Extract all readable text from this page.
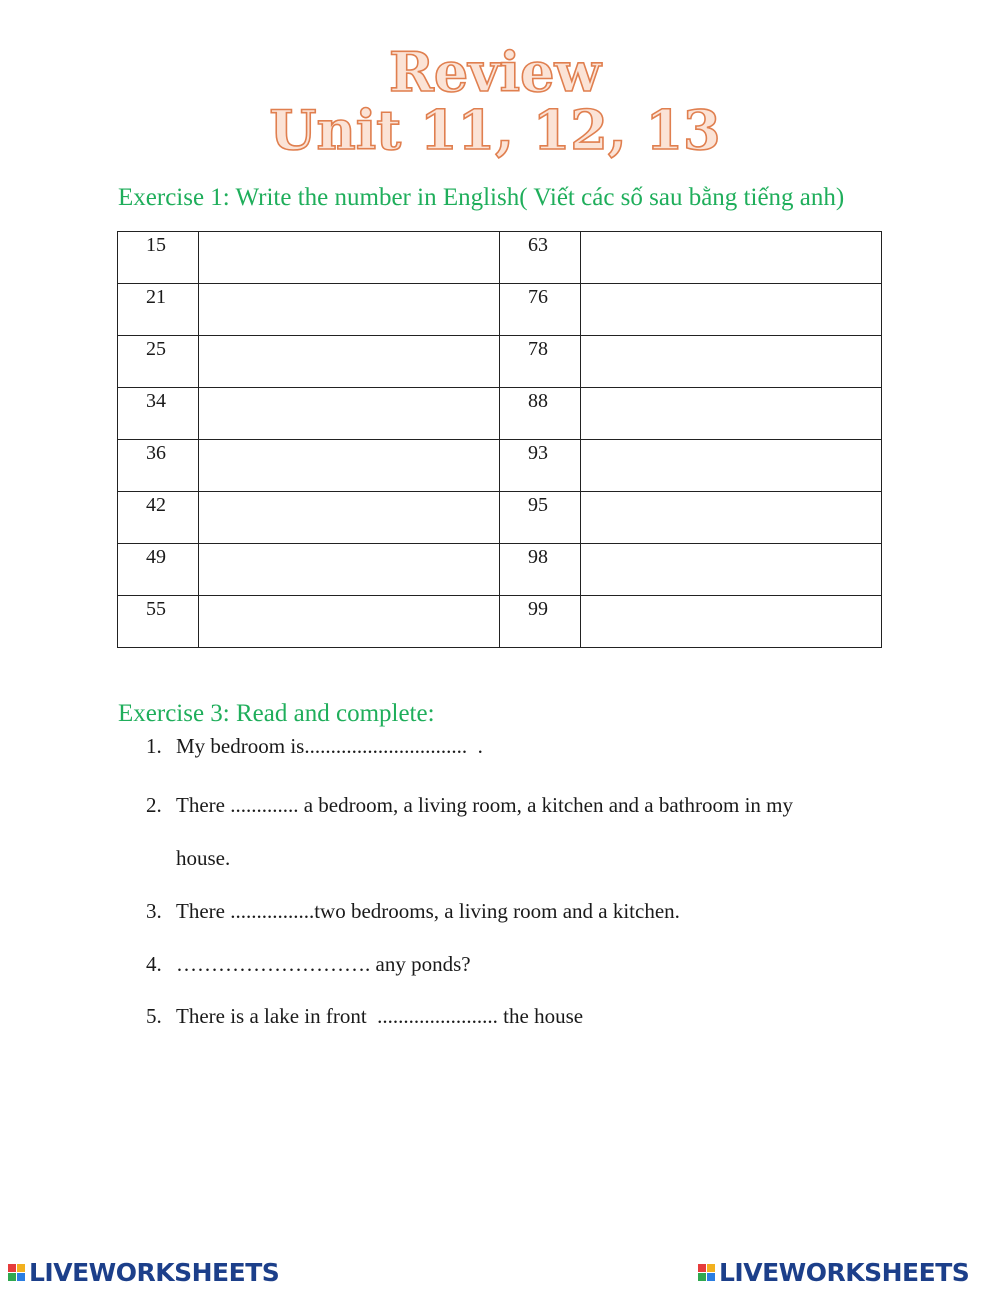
Review
Unit 11, 12, 13
Exercise 1: Write the number in English( Viết các số sau bằng tiếng anh)
15		63	
21		76	
25		78	
34		88	
36		93	
42		95	
49		98	
55		99	
Exercise 3: Read and complete:
1. My bedroom is...............................  .
2. There ............. a bedroom, a living room, a kitchen and a bathroom in my
house.
3. There ................two bedrooms, a living room and a kitchen.
4. ………………………. any ponds?
5. There is a lake in front  ....................... the house
LIVEWORKSHEETS	LIVEWORKSHEETS
